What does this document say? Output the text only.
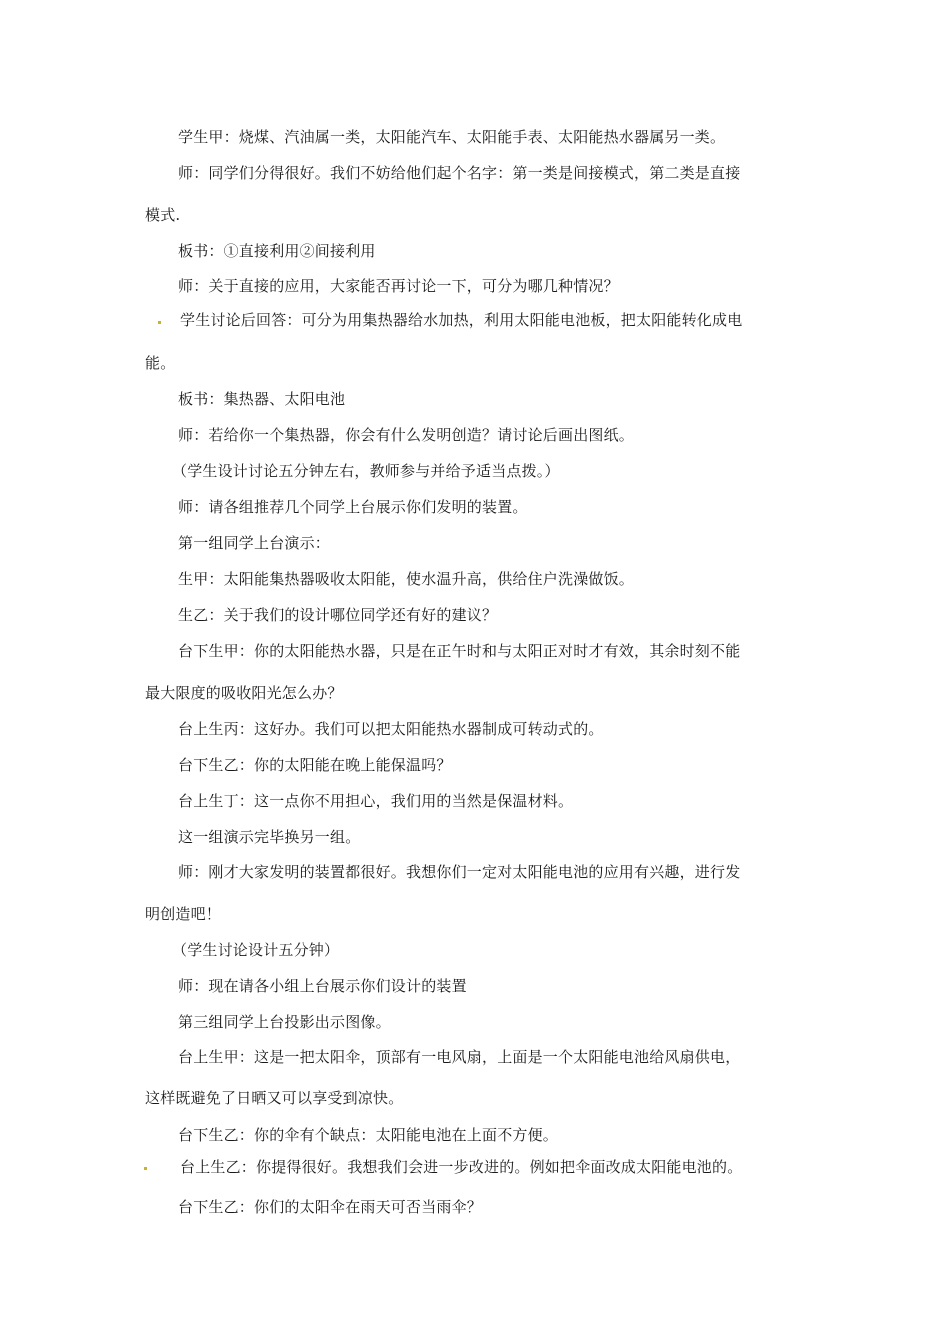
学生甲：烧煤、汽油属一类，太阳能汽车、太阳能手表、太阳能热水器属另一类。
师：同学们分得很好。我们不妨给他们起个名字：第一类是间接模式，第二类是直接
模式.
板书：①直接利用②间接利用
师：关于直接的应用，大家能否再讨论一下，可分为哪几种情况？
学生讨论后回答：可分为用集热器给水加热，利用太阳能电池板，把太阳能转化成电
能。
板书：集热器、太阳电池
师：若给你一个集热器，你会有什么发明创造？请讨论后画出图纸。
（学生设计讨论五分钟左右，教师参与并给予适当点拨。）
师：请各组推荐几个同学上台展示你们发明的装置。
第一组同学上台演示：
生甲：太阳能集热器吸收太阳能，使水温升高，供给住户洗澡做饭。
生乙：关于我们的设计哪位同学还有好的建议？
台下生甲：你的太阳能热水器，只是在正午时和与太阳正对时才有效，其余时刻不能
最大限度的吸收阳光怎么办？
台上生丙：这好办。我们可以把太阳能热水器制成可转动式的。
台下生乙：你的太阳能在晚上能保温吗？
台上生丁：这一点你不用担心，我们用的当然是保温材料。
这一组演示完毕换另一组。
师：刚才大家发明的装置都很好。我想你们一定对太阳能电池的应用有兴趣，进行发
明创造吧！
（学生讨论设计五分钟）
师：现在请各小组上台展示你们设计的装置
第三组同学上台投影出示图像。
台上生甲：这是一把太阳伞，顶部有一电风扇，上面是一个太阳能电池给风扇供电，
这样既避免了日晒又可以享受到凉快。
台下生乙：你的伞有个缺点：太阳能电池在上面不方便。
台上生乙：你提得很好。我想我们会进一步改进的。例如把伞面改成太阳能电池的。
台下生乙：你们的太阳伞在雨天可否当雨伞？
